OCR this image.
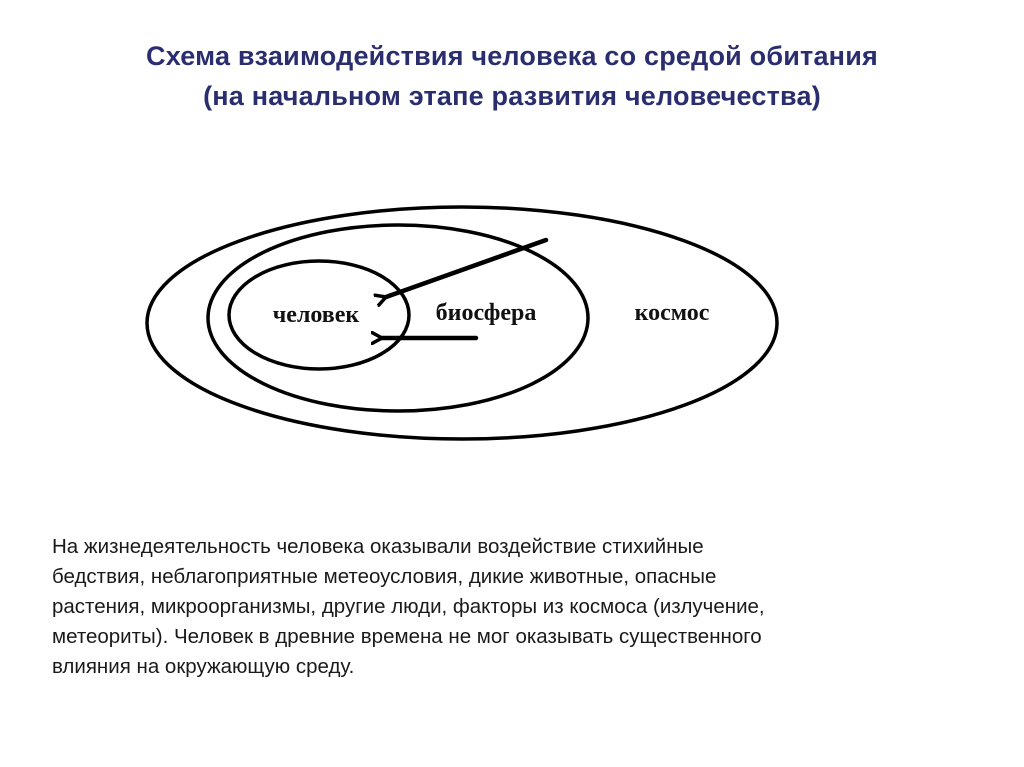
Схема взаимодействия человека со средой обитания
(на начальном этапе развития человечества)
человек	биосфера	космос
На жизнедеятельность человека оказывали воздействие стихийные
бедствия, неблагоприятные метеоусловия, дикие животные, опасные
растения, микроорганизмы, другие люди, факторы из космоса (излучение,
метеориты). Человек в древние времена не мог оказывать существенного
влияния на окружающую среду.
